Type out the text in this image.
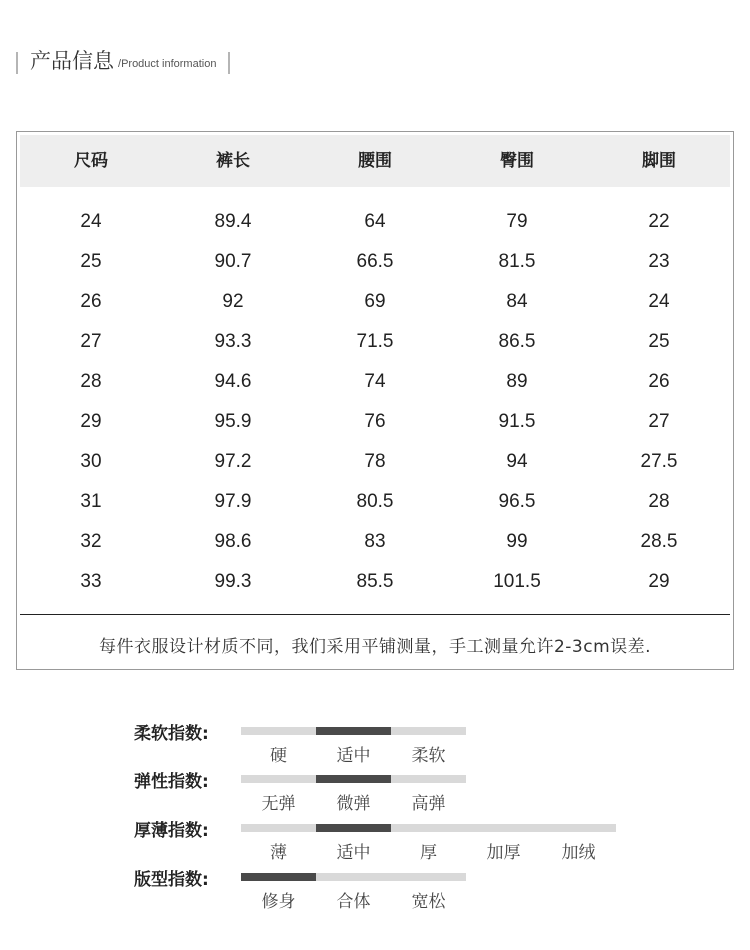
产品信息 /Product information
尺码	裤长	腰围	臀围	脚围
24	89.4	64	79	22
25	90.7	66.5	81.5	23
26	92	69	84	24
27	93.3	71.5	86.5	25
28	94.6	74	89	26
29	95.9	76	91.5	27
30	97.2	78	94	27.5
31	97.9	80.5	96.5	28
32	98.6	83	99	28.5
33	99.3	85.5	101.5	29
每件衣服设计材质不同，我们采用平铺测量，手工测量允许2-3cm误差.
柔软指数:
硬	适中	柔软
弹性指数:
无弹	微弹	高弹
厚薄指数:
薄	适中	厚	加厚	加绒
版型指数:
修身	合体	宽松
